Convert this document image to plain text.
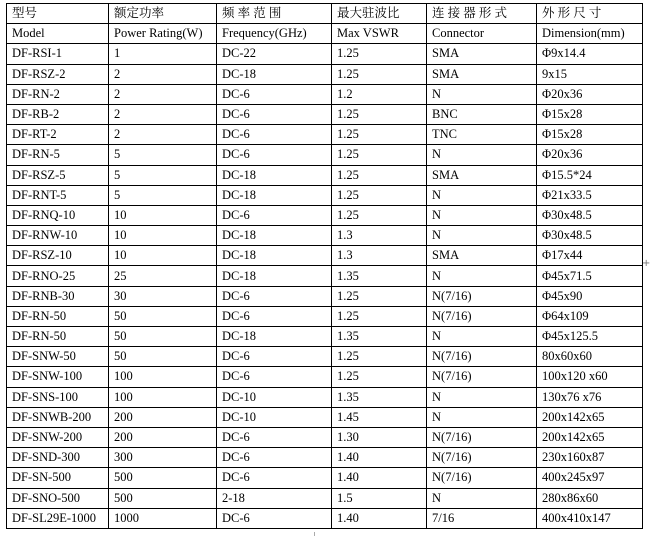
型号	额定功率	频 率 范 围	最大驻波比	连 接 器 形 式	外 形 尺 寸
Model	Power Rating(W)	Frequency(GHz)	Max VSWR	Connector	Dimension(mm)
DF-RSI-1	1	DC-22	1.25	SMA	Φ9x14.4
DF-RSZ-2	2	DC-18	1.25	SMA	9x15
DF-RN-2	2	DC-6	1.2	N	Φ20x36
DF-RB-2	2	DC-6	1.25	BNC	Φ15x28
DF-RT-2	2	DC-6	1.25	TNC	Φ15x28
DF-RN-5	5	DC-6	1.25	N	Φ20x36
DF-RSZ-5	5	DC-18	1.25	SMA	Φ15.5*24
DF-RNT-5	5	DC-18	1.25	N	Φ21x33.5
DF-RNQ-10	10	DC-6	1.25	N	Φ30x48.5
DF-RNW-10	10	DC-18	1.3	N	Φ30x48.5
DF-RSZ-10	10	DC-18	1.3	SMA	Φ17x44
DF-RNO-25	25	DC-18	1.35	N	Φ45x71.5
DF-RNB-30	30	DC-6	1.25	N(7/16)	Φ45x90
DF-RN-50	50	DC-6	1.25	N(7/16)	Φ64x109
DF-RN-50	50	DC-18	1.35	N	Φ45x125.5
DF-SNW-50	50	DC-6	1.25	N(7/16)	80x60x60
DF-SNW-100	100	DC-6	1.25	N(7/16)	100x120 x60
DF-SNS-100	100	DC-10	1.35	N	130x76 x76
DF-SNWB-200	200	DC-10	1.45	N	200x142x65
DF-SNW-200	200	DC-6	1.30	N(7/16)	200x142x65
DF-SND-300	300	DC-6	1.40	N(7/16)	230x160x87
DF-SN-500	500	DC-6	1.40	N(7/16)	400x245x97
DF-SNO-500	500	2-18	1.5	N	280x86x60
DF-SL29E-1000	1000	DC-6	1.40	7/16	400x410x147
+
